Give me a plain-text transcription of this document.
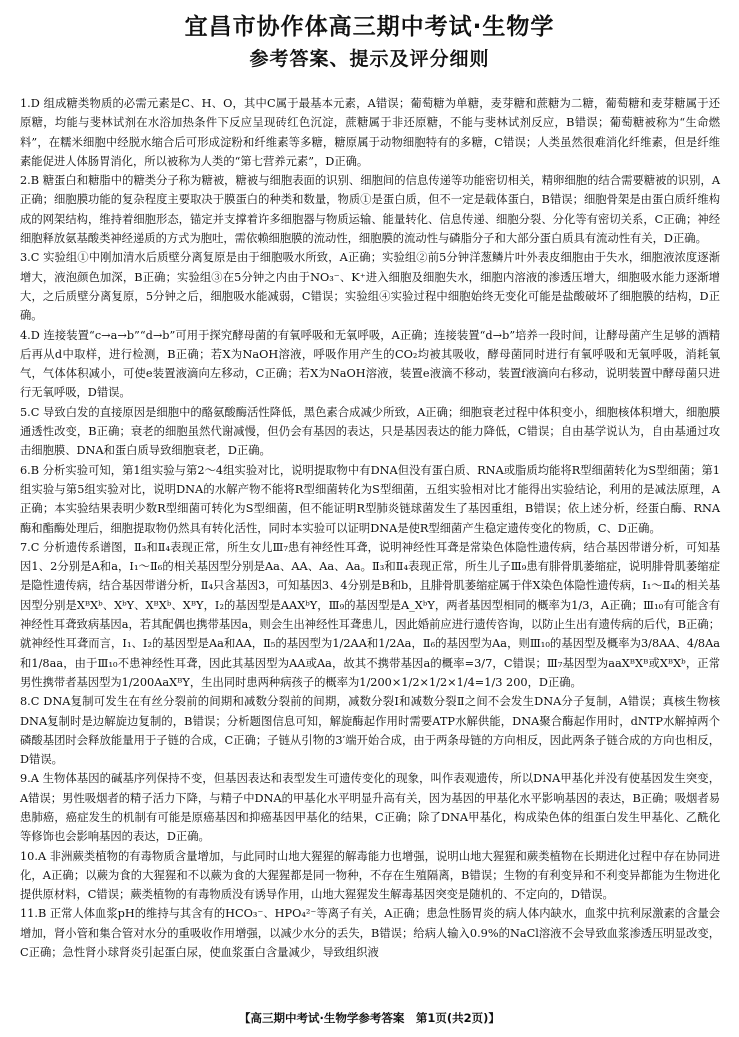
宜昌市协作体高三期中考试·生物学
参考答案、提示及评分细则

1.D 组成糖类物质的必需元素是C、H、O，其中C属于最基本元素，A错误；葡萄糖为单糖，麦芽糖和蔗糖为二糖，葡萄糖和麦芽糖属于还原糖，均能与斐林试剂在水浴加热条件下反应呈现砖红色沉淀，蔗糖属于非还原糖，不能与斐林试剂反应，B错误；葡萄糖被称为“生命燃料”，在糯米细胞中经脱水缩合后可形成淀粉和纤维素等多糖，糖原属于动物细胞特有的多糖，C错误；人类虽然很难消化纤维素，但是纤维素能促进人体肠胃消化，所以被称为人类的“第七营养元素”，D正确。

2.B 糖蛋白和糖脂中的糖类分子称为糖被，糖被与细胞表面的识别、细胞间的信息传递等功能密切相关，精卵细胞的结合需要糖被的识别，A正确；细胞膜功能的复杂程度主要取决于膜蛋白的种类和数量，物质①是蛋白质，但不一定是载体蛋白，B错误；细胞骨架是由蛋白质纤维构成的网架结构，维持着细胞形态，锚定并支撑着许多细胞器与物质运输、能量转化、信息传递、细胞分裂、分化等有密切关系，C正确；神经细胞释放氨基酸类神经递质的方式为胞吐，需依赖细胞膜的流动性，细胞膜的流动性与磷脂分子和大部分蛋白质具有流动性有关，D正确。

3.C 实验组①中刚加清水后质壁分离复原是由于细胞吸水所致，A正确；实验组②前5分钟洋葱鳞片叶外表皮细胞由于失水，细胞液浓度逐渐增大，液泡颜色加深，B正确；实验组③在5分钟之内由于NO₃⁻、K⁺进入细胞及细胞失水，细胞内溶液的渗透压增大，细胞吸水能力逐渐增大，之后质壁分离复原，5分钟之后，细胞吸水能减弱，C错误；实验组④实验过程中细胞始终无变化可能是盐酸破坏了细胞膜的结构，D正确。

4.D 连接装置“c→a→b”“d→b”可用于探究酵母菌的有氧呼吸和无氧呼吸，A正确；连接装置“d→b”培养一段时间，让酵母菌产生足够的酒精后再从d中取样，进行检测，B正确；若X为NaOH溶液，呼吸作用产生的CO₂均被其吸收，酵母菌同时进行有氧呼吸和无氧呼吸，消耗氧气，气体体积减小，可使e装置液滴向左移动，C正确；若X为NaOH溶液，装置e液滴不移动，装置f液滴向右移动，说明装置中酵母菌只进行无氧呼吸，D错误。

5.C 导致白发的直接原因是细胞中的酪氨酸酶活性降低，黑色素合成减少所致，A正确；细胞衰老过程中体积变小，细胞核体积增大，细胞膜通透性改变，B正确；衰老的细胞虽然代谢减慢，但仍会有基因的表达，只是基因表达的能力降低，C错误；自由基学说认为，自由基通过攻击细胞膜、DNA和蛋白质导致细胞衰老，D正确。

6.B 分析实验可知，第1组实验与第2～4组实验对比，说明提取物中有DNA但没有蛋白质、RNA或脂质均能将R型细菌转化为S型细菌；第1组实验与第5组实验对比，说明DNA的水解产物不能将R型细菌转化为S型细菌，五组实验相对比才能得出实验结论，利用的是减法原理，A正确；本实验结果表明少数R型细菌可转化为S型细菌，但不能证明R型肺炎链球菌发生了基因重组，B错误；依上述分析，经蛋白酶、RNA酶和酯酶处理后，细胞提取物仍然具有转化活性，同时本实验可以证明DNA是使R型细菌产生稳定遗传变化的物质，C、D正确。

7.C 分析遗传系谱图，Ⅱ₃和Ⅱ₄表现正常，所生女儿Ⅲ₇患有神经性耳聋，说明神经性耳聋是常染色体隐性遗传病，结合基因带谱分析，可知基因1、2分别是A和a，Ⅰ₁～Ⅱ₆的相关基因型分别是Aa、AA、Aa、Aa。Ⅱ₃和Ⅱ₄表现正常，所生儿子Ⅲ₉患有腓骨肌萎缩症，说明腓骨肌萎缩症是隐性遗传病，结合基因带谱分析，Ⅱ₄只含基因3，可知基因3、4分别是B和b，且腓骨肌萎缩症属于伴X染色体隐性遗传病，Ⅰ₁～Ⅱ₄的相关基因型分别是XᴮXᵇ、XᵇY、XᴮXᵇ、XᴮY，Ⅰ₂的基因型是AAXᵇY，Ⅲ₉的基因型是A_XᵇY，两者基因型相同的概率为1/3，A正确；Ⅲ₁₀有可能含有神经性耳聋致病基因a，若其配偶也携带基因a，则会生出神经性耳聋患儿，因此婚前应进行遗传咨询，以防止生出有遗传病的后代，B正确；就神经性耳聋而言，Ⅰ₁、Ⅰ₂的基因型是Aa和AA，Ⅱ₅的基因型为1/2AA和1/2Aa，Ⅱ₆的基因型为Aa，则Ⅲ₁₀的基因型及概率为3/8AA、4/8Aa和1/8aa，由于Ⅲ₁₀不患神经性耳聋，因此其基因型为AA或Aa，故其不携带基因a的概率=3/7，C错误；Ⅲ₇基因型为aaXᴮXᴮ或XᴮXᵇ，正常男性携带者基因型为1/200AaXᴮY，生出同时患两种病孩子的概率为1/200×1/2×1/2×1/4=1/3 200，D正确。

8.C DNA复制可发生在有丝分裂前的间期和减数分裂前的间期，减数分裂Ⅰ和减数分裂Ⅱ之间不会发生DNA分子复制，A错误；真核生物核DNA复制时是边解旋边复制的，B错误；分析题图信息可知，解旋酶起作用时需要ATP水解供能，DNA聚合酶起作用时，dNTP水解掉两个磷酸基团时会释放能量用于子链的合成，C正确；子链从引物的3′端开始合成，由于两条母链的方向相反，因此两条子链合成的方向也相反，D错误。

9.A 生物体基因的碱基序列保持不变，但基因表达和表型发生可遗传变化的现象，叫作表观遗传，所以DNA甲基化并没有使基因发生突变，A错误；男性吸烟者的精子活力下降，与精子中DNA的甲基化水平明显升高有关，因为基因的甲基化水平影响基因的表达，B正确；吸烟者易患肺癌，癌症发生的机制有可能是原癌基因和抑癌基因甲基化的结果，C正确；除了DNA甲基化，构成染色体的组蛋白发生甲基化、乙酰化等修饰也会影响基因的表达，D正确。

10.A 非洲蕨类植物的有毒物质含量增加，与此同时山地大猩猩的解毒能力也增强，说明山地大猩猩和蕨类植物在长期进化过程中存在协同进化，A正确；以蕨为食的大猩猩和不以蕨为食的大猩猩都是同一物种，不存在生殖隔离，B错误；生物的有利变异和不利变异都能为生物进化提供原材料，C错误；蕨类植物的有毒物质没有诱导作用，山地大猩猩发生解毒基因突变是随机的、不定向的，D错误。

11.B 正常人体血浆pH的维持与其含有的HCO₃⁻、HPO₄²⁻等离子有关，A正确；患急性肠胃炎的病人体内缺水，血浆中抗利尿激素的含量会增加，肾小管和集合管对水分的重吸收作用增强，以减少水分的丢失，B错误；给病人输入0.9%的NaCl溶液不会导致血浆渗透压明显改变，C正确；急性肾小球肾炎引起蛋白尿，使血浆蛋白含量减少，导致组织液

【高三期中考试·生物学参考答案　第1页(共2页)】
